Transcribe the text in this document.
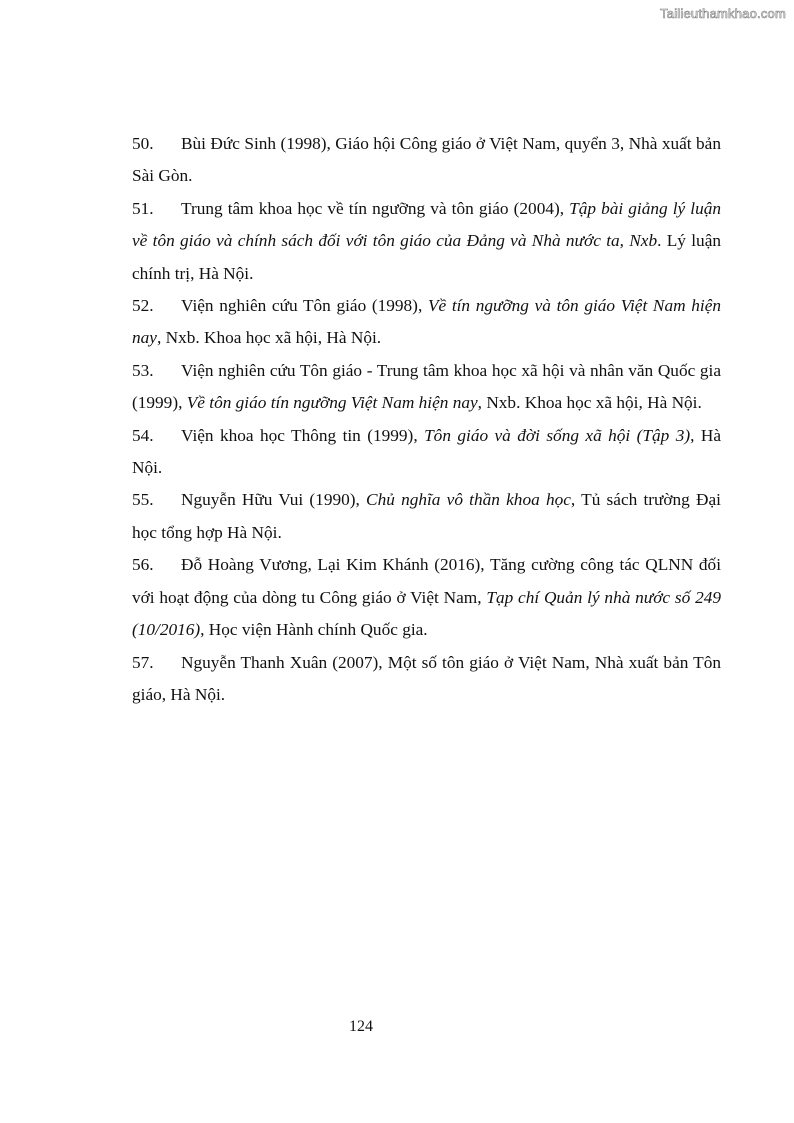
Tailieuthamkhao.com

50. Bùi Đức Sinh (1998), Giáo hội Công giáo ở Việt Nam, quyển 3, Nhà xuất bản Sài Gòn.

51. Trung tâm khoa học về tín ngưỡng và tôn giáo (2004), Tập bài giảng lý luận về tôn giáo và chính sách đối với tôn giáo của Đảng và Nhà nước ta, Nxb. Lý luận chính trị, Hà Nội.

52. Viện nghiên cứu Tôn giáo (1998), Về tín ngưỡng và tôn giáo Việt Nam hiện nay, Nxb. Khoa học xã hội, Hà Nội.

53. Viện nghiên cứu Tôn giáo - Trung tâm khoa học xã hội và nhân văn Quốc gia (1999), Về tôn giáo tín ngưỡng Việt Nam hiện nay, Nxb. Khoa học xã hội, Hà Nội.

54. Viện khoa học Thông tin (1999), Tôn giáo và đời sống xã hội (Tập 3), Hà Nội.

55. Nguyễn Hữu Vui (1990), Chủ nghĩa vô thần khoa học, Tủ sách trường Đại học tổng hợp Hà Nội.

56. Đỗ Hoàng Vương, Lại Kim Khánh (2016), Tăng cường công tác QLNN đối với hoạt động của dòng tu Công giáo ở Việt Nam, Tạp chí Quản lý nhà nước số 249 (10/2016), Học viện Hành chính Quốc gia.

57. Nguyễn Thanh Xuân (2007), Một số tôn giáo ở Việt Nam, Nhà xuất bản Tôn giáo, Hà Nội.

124
